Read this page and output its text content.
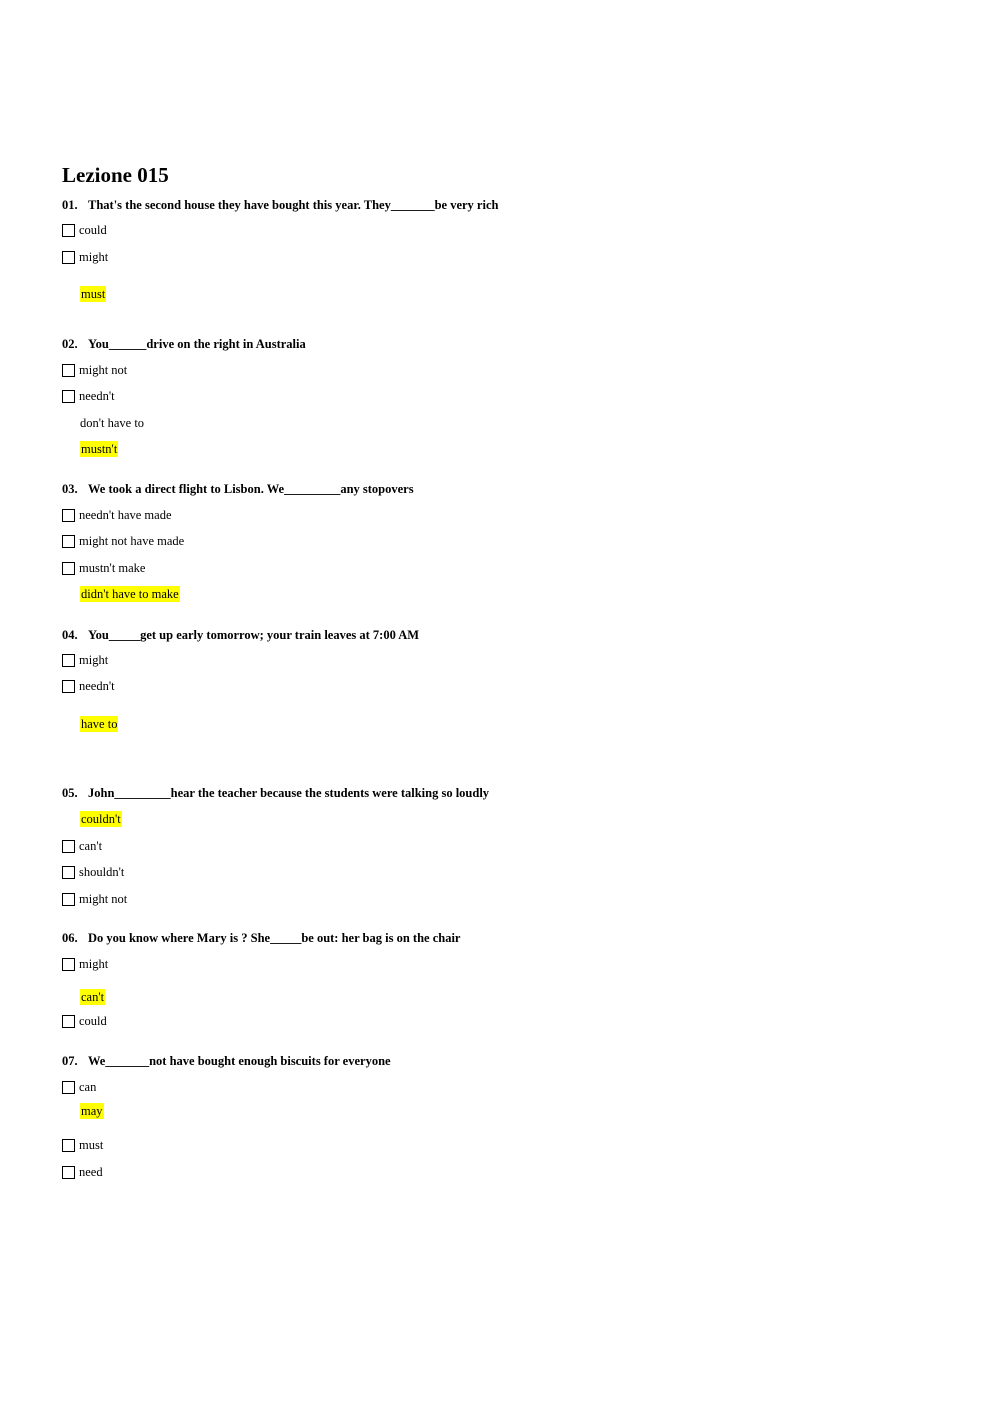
Lezione 015
01. That's the second house they have bought this year. They_______be very rich
could
might
must
02. You______drive on the right in Australia
might not
needn't
don't have to
mustn't
03. We took a direct flight to Lisbon. We_________any stopovers
needn't have made
might not have made
mustn't make
didn't have to make
04. You_____get up early tomorrow; your train leaves at 7:00 AM
might
needn't
have to
05. John_________hear the teacher because the students were talking so loudly
couldn't
can't
shouldn't
might not
06. Do you know where Mary is ? She_____be out: her bag is on the chair
might
can't
could
07. We_______not have bought enough biscuits for everyone
can
may
must
need
